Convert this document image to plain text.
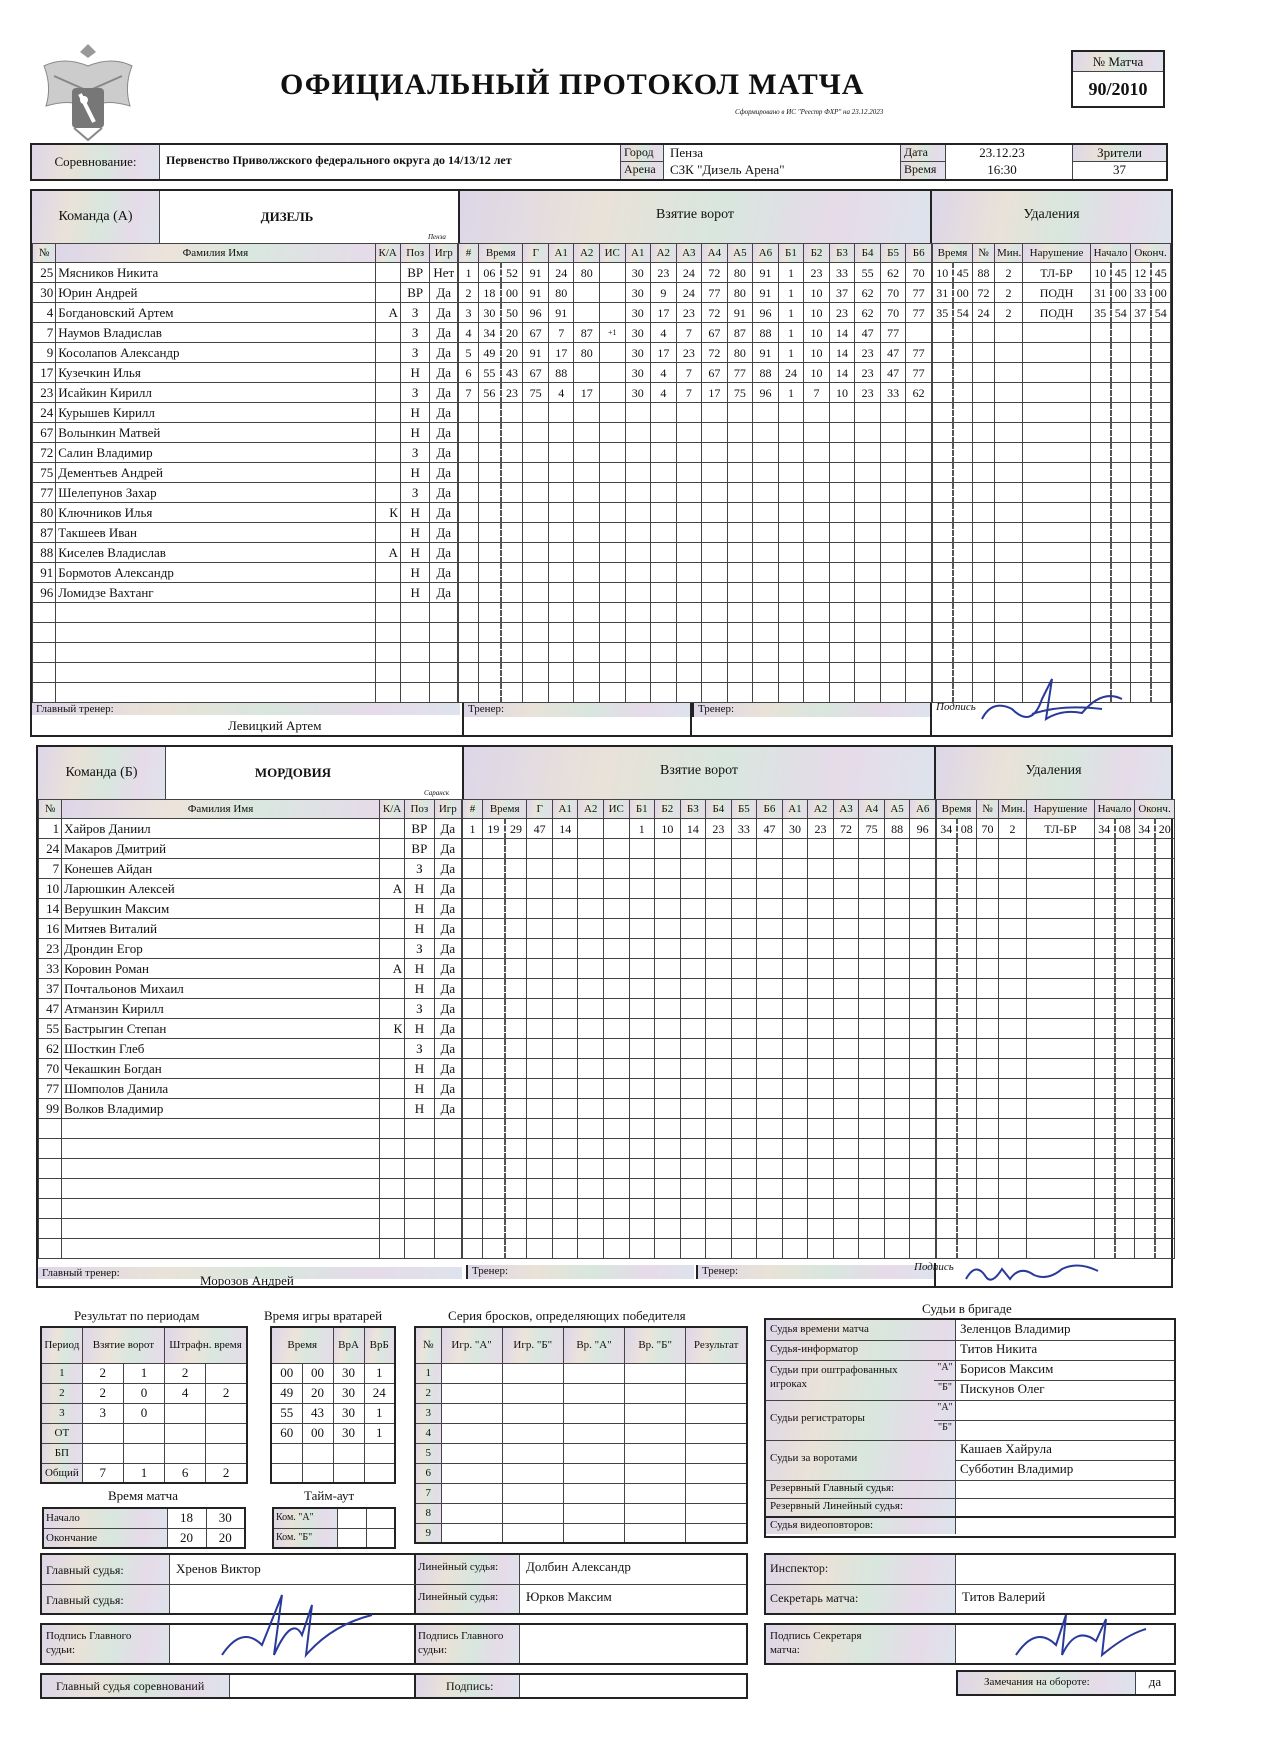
ОФИЦИАЛЬНЫЙ ПРОТОКОЛ МАТЧА
Сформировано в ИС "Реестр ФХР" на 23.12.2023
№ Матча
90/2010
Соревнование:	Первенство Приволжского федерального округа до 14/13/12 лет
Город	Пенза
Арена	СЗК "Дизель Арена"
Дата	23.12.23
Время	16:30
Зрители
37
Команда (А)	ДИЗЕЛЬ
Пенза
Взятие ворот	Удаления
№	Фамилия Имя	К/А	Поз	Игр
25	Мясников Никита		ВР	Нет
30	Юрин Андрей		ВР	Да
4	Богдановский Артем	А	З	Да
7	Наумов Владислав		З	Да
9	Косолапов Александр		З	Да
17	Кузечкин Илья		Н	Да
23	Исайкин Кирилл		З	Да
24	Курышев Кирилл		Н	Да
67	Волынкин Матвей		Н	Да
72	Салин Владимир		З	Да
75	Дементьев Андрей		Н	Да
77	Шелепунов Захар		З	Да
80	Ключников Илья	К	Н	Да
87	Такшеев Иван		Н	Да
88	Киселев Владислав	А	Н	Да
91	Бормотов Александр		Н	Да
96	Ломидзе Вахтанг		Н	Да

#	Время		Г	А1	А2	ИС	А1	А2	А3	А4	А5	А6	Б1	Б2	Б3	Б4	Б5	Б6
1	06	52	91	24	80		30	23	24	72	80	91	1	23	33	55	62	70
2	18	00	91	80			30	9	24	77	80	91	1	10	37	62	70	77
3	30	50	96	91			30	17	23	72	91	96	1	10	23	62	70	77
4	34	20	67	7	87	+1	30	4	7	67	87	88	1	10	14	47	77	
5	49	20	91	17	80		30	17	23	72	80	91	1	10	14	23	47	77
6	55	43	67	88			30	4	7	67	77	88	24	10	14	23	47	77
7	56	23	75	4	17		30	4	7	17	75	96	1	7	10	23	33	62

Время		№	Мин.	Нарушение	Начало		Оконч.	
10	45	88	2	ТЛ-БР	10	45	12	45
31	00	72	2	ПОДН	31	00	33	00
35	54	24	2	ПОДН	35	54	37	54

Главный тренер:
Левицкий Артем
Тренер:	Тренер:	Подпись
Команда (Б)	МОРДОВИЯ
Саранск
Взятие ворот	Удаления
№	Фамилия Имя	К/А	Поз	Игр
1	Хайров Даниил		ВР	Да
24	Макаров Дмитрий		ВР	Да
7	Конешев Айдан		З	Да
10	Ларюшкин Алексей	А	Н	Да
14	Верушкин Максим		Н	Да
16	Митяев Виталий		Н	Да
23	Дрондин Егор		З	Да
33	Коровин Роман	А	Н	Да
37	Почтальонов Михаил		Н	Да
47	Атманзин Кирилл		З	Да
55	Бастрыгин Степан	К	Н	Да
62	Шосткин Глеб		З	Да
70	Чекашкин Богдан		Н	Да
77	Шомполов Данила		Н	Да
99	Волков Владимир		Н	Да

#	Время		Г	А1	А2	ИС	Б1	Б2	Б3	Б4	Б5	Б6	А1	А2	А3	А4	А5	А6
1	19	29	47	14			1	10	14	23	33	47	30	23	72	75	88	96

Время		№	Мин.	Нарушение	Начало		Оконч.	
34	08	70	2	ТЛ-БР	34	08	34	20

Главный тренер:	Морозов Андрей
Тренер:	Тренер:	Подпись
Результат по периодам
Период	Взятие ворот		Штрафн. время	
1	2	1	2	
2	2	0	4	2
3	3	0		
ОТ				
БП				
Общий	7	1	6	2
Время игры вратарей
Время		ВрА	ВрБ
00	00	30	1
49	20	30	24
55	43	30	1
60	00	30	1

Серия бросков, определяющих победителя
№	Игр. "А"	Игр. "Б"	Вр. "А"	Вр. "Б"	Результат
1					
2					
3					
4					
5					
6					
7					
8					
9					
Время матча
Начало	18	30
Окончание	20	20
Тайм-аут
Ком. "А"		
Ком. "Б"		
Судьи в бригаде
Судья времени матча	Зеленцов Владимир
Судья-информатор	Титов Никита
Судьи при оштрафованных игроках
"А" Борисов Максим
"Б" Пискунов Олег
Судьи регистраторы
"А"
"Б"
Судьи за воротами
Кашаев Хайрула
Субботин Владимир
Резервный Главный судья:
Резервный Линейный судья:
Судья видеоповторов:
Главный судья:	Хренов Виктор
Главный судья:
Линейный судья: Долбин Александр
Линейный судья: Юрков Максим
Подпись Главного судьи:
Подпись Главного судьи:
Главный судья соревнований	Подпись:
Инспектор:
Секретарь матча:	Титов Валерий
Подпись Секретаря матча:
Замечания на обороте:	да
